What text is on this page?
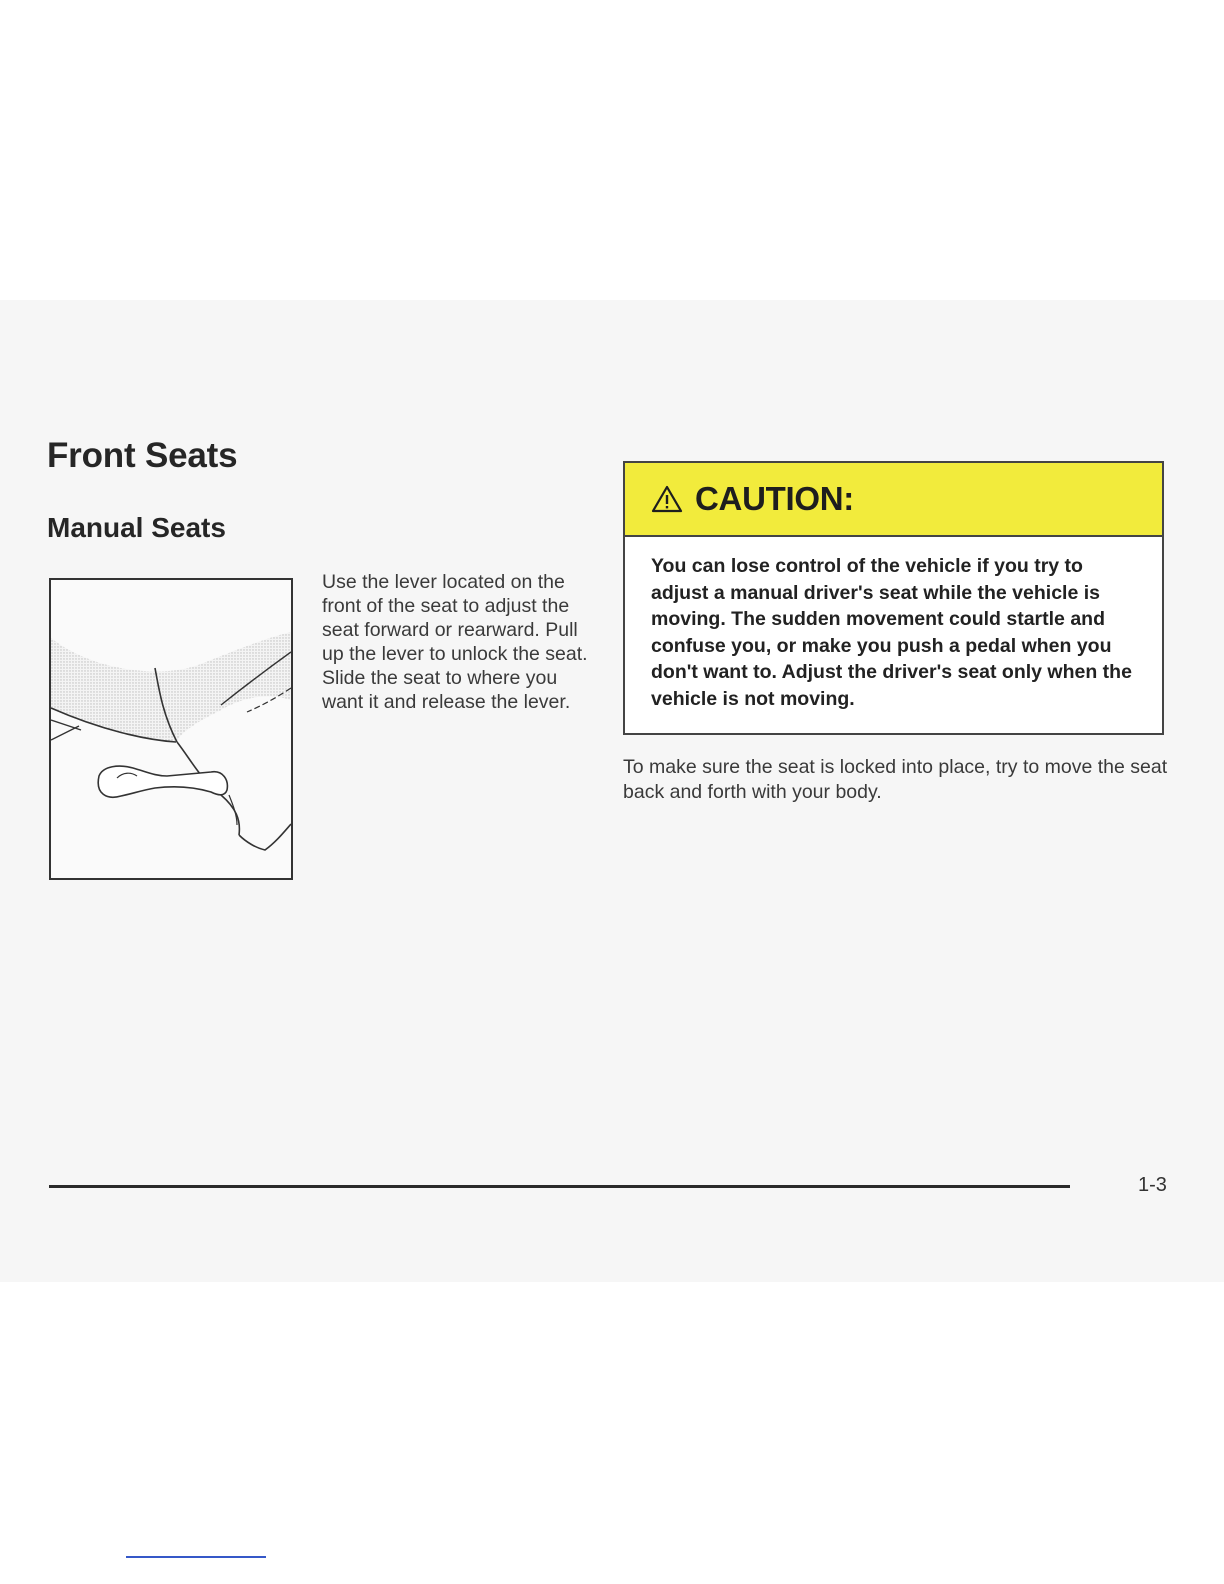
Front Seats
Manual Seats

Use the lever located on the front of the seat to adjust the seat forward or rearward. Pull up the lever to unlock the seat. Slide the seat to where you want it and release the lever.

CAUTION:

You can lose control of the vehicle if you try to adjust a manual driver's seat while the vehicle is moving. The sudden movement could startle and confuse you, or make you push a pedal when you don't want to. Adjust the driver's seat only when the vehicle is not moving.

To make sure the seat is locked into place, try to move the seat back and forth with your body.

1-3
